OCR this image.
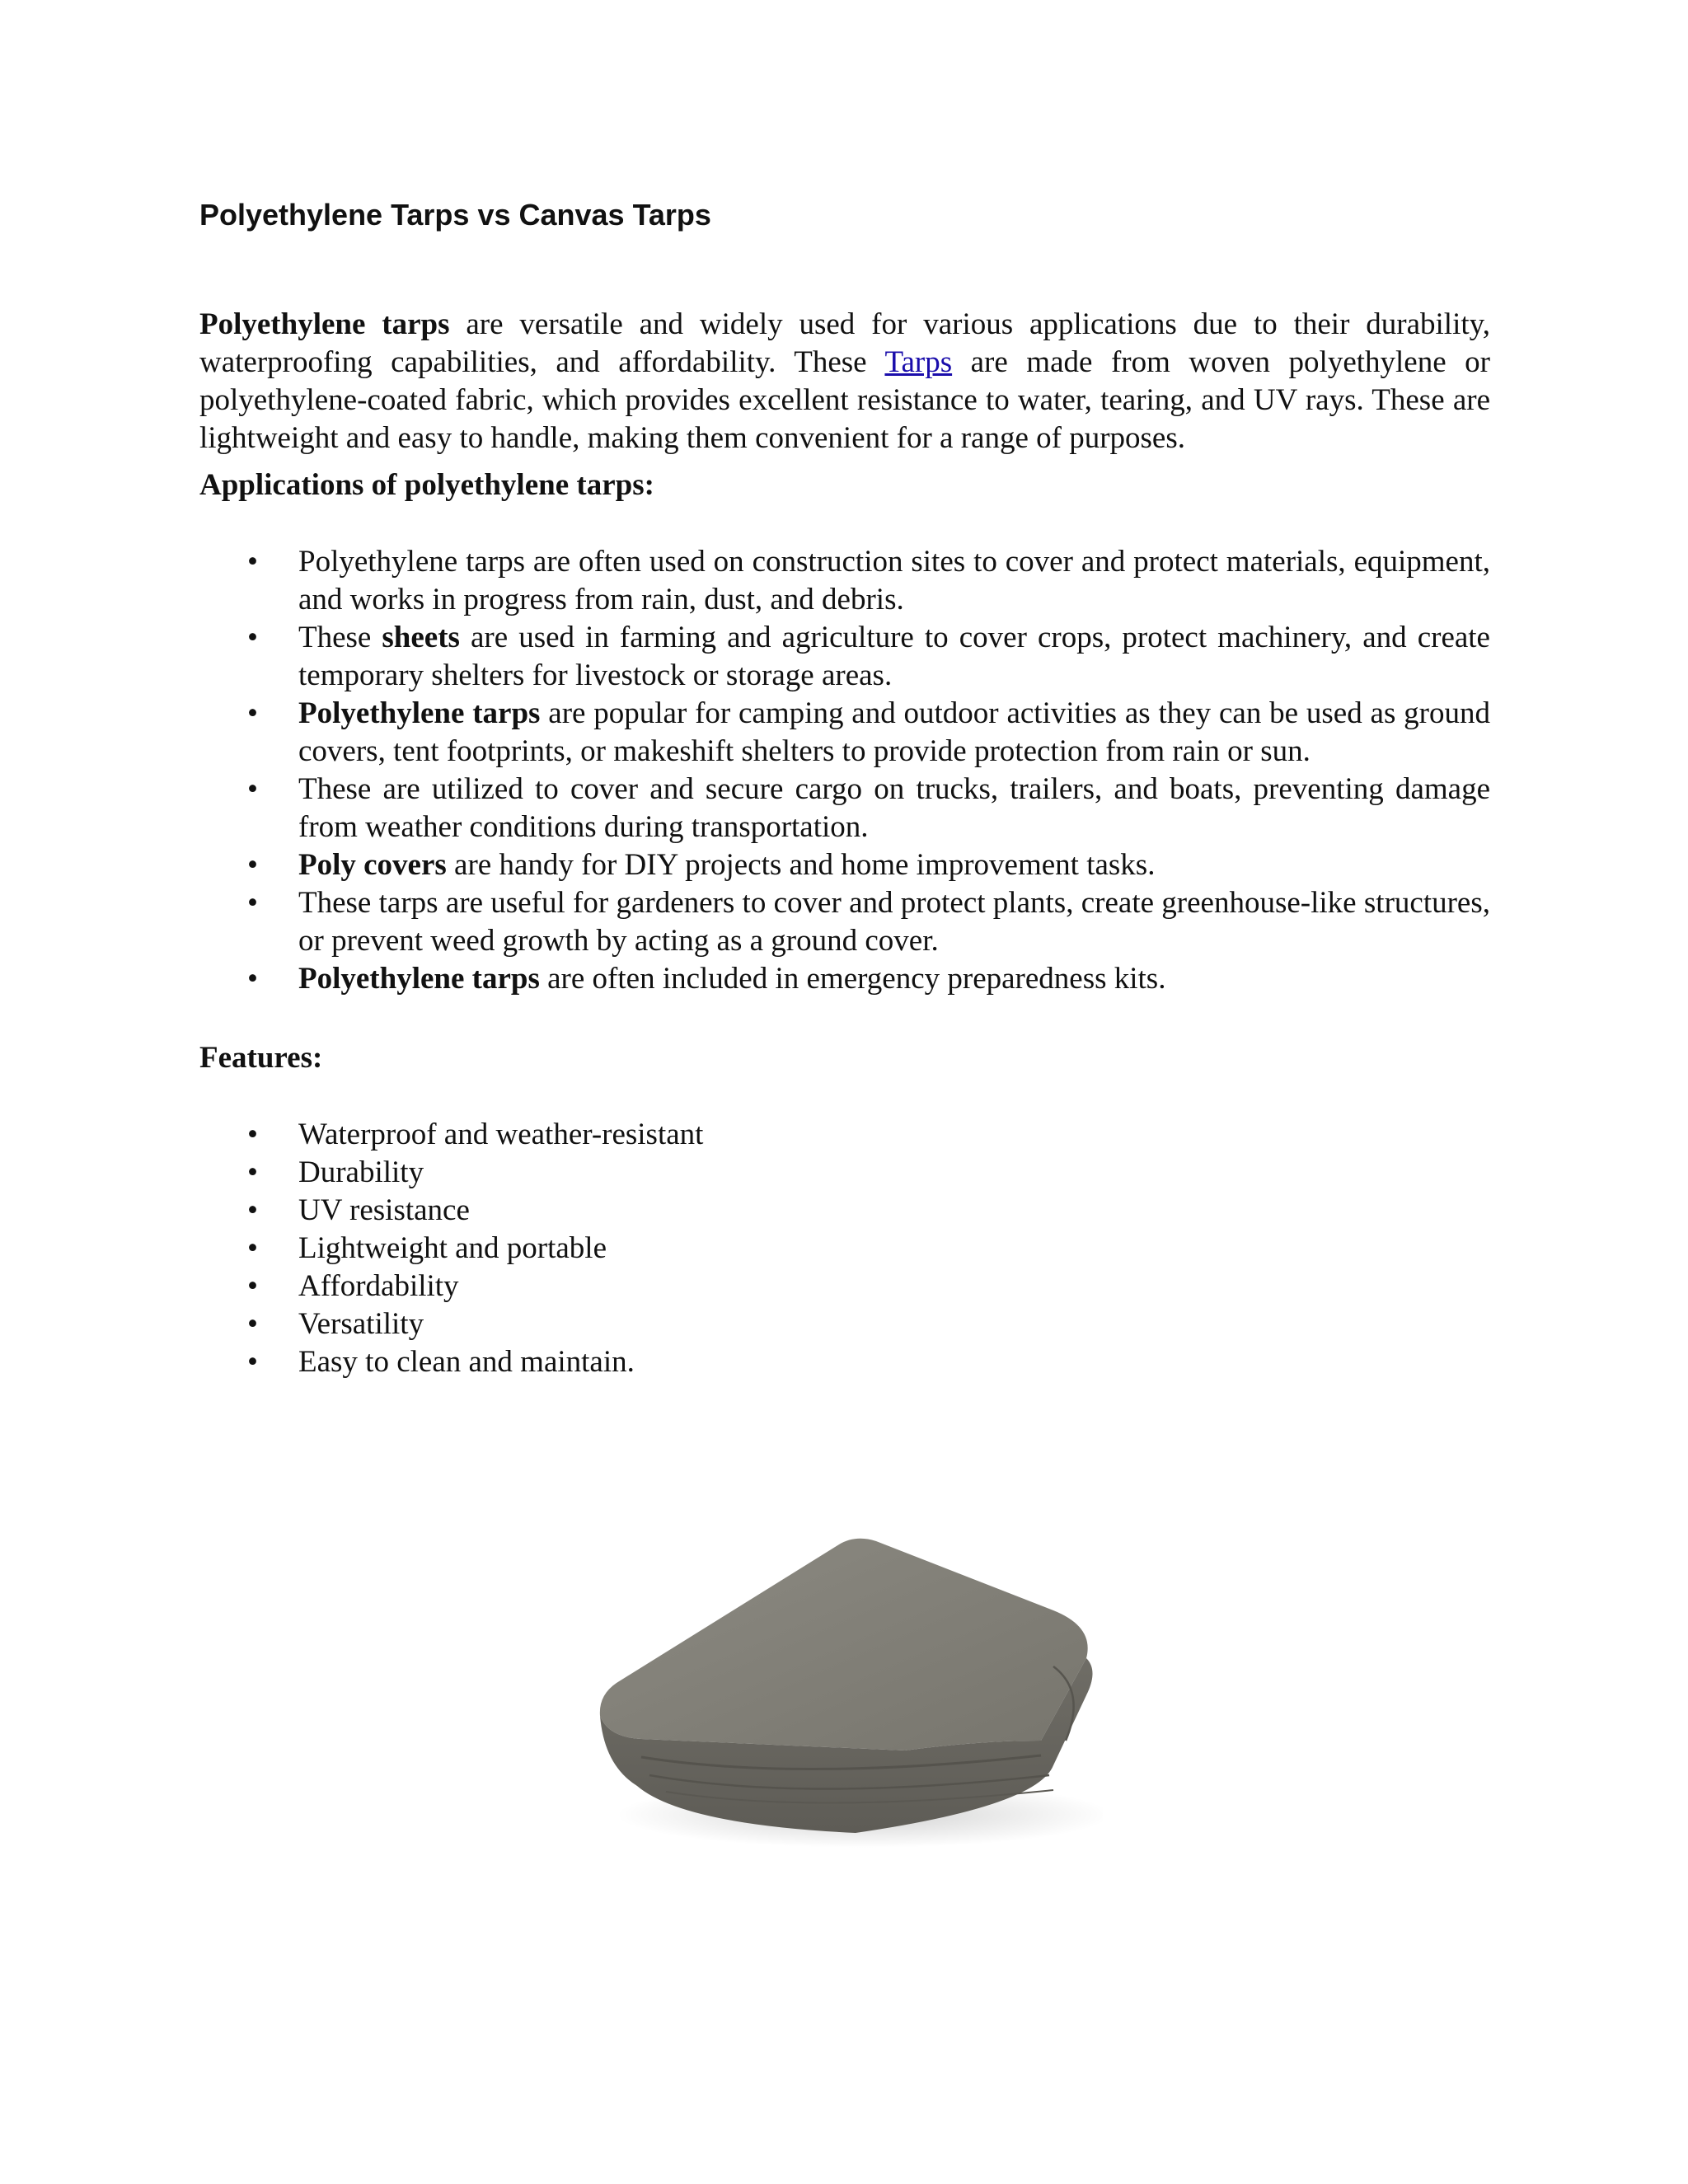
Polyethylene Tarps vs Canvas Tarps

Polyethylene tarps are versatile and widely used for various applications due to their durability, waterproofing capabilities, and affordability. These Tarps are made from woven polyethylene or polyethylene-coated fabric, which provides excellent resistance to water, tearing, and UV rays. These are lightweight and easy to handle, making them convenient for a range of purposes.

Applications of polyethylene tarps:
• Polyethylene tarps are often used on construction sites to cover and protect materials, equipment, and works in progress from rain, dust, and debris.
• These sheets are used in farming and agriculture to cover crops, protect machinery, and create temporary shelters for livestock or storage areas.
• Polyethylene tarps are popular for camping and outdoor activities as they can be used as ground covers, tent footprints, or makeshift shelters to provide protection from rain or sun.
• These are utilized to cover and secure cargo on trucks, trailers, and boats, preventing damage from weather conditions during transportation.
• Poly covers are handy for DIY projects and home improvement tasks.
• These tarps are useful for gardeners to cover and protect plants, create greenhouse-like structures, or prevent weed growth by acting as a ground cover.
• Polyethylene tarps are often included in emergency preparedness kits.
Features:
• Waterproof and weather-resistant
• Durability
• UV resistance
• Lightweight and portable
• Affordability
• Versatility
• Easy to clean and maintain.
